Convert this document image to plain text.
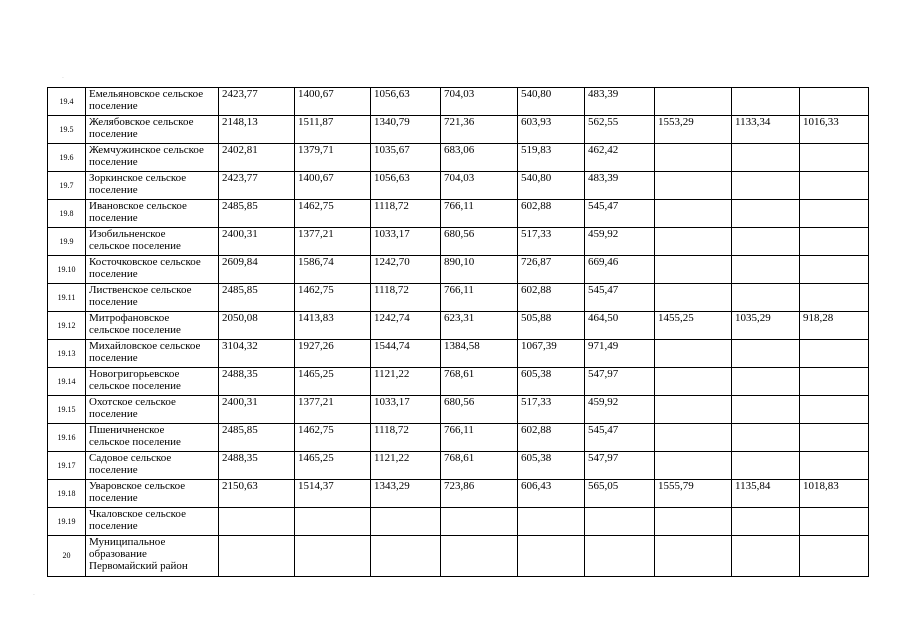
·
·
19.4	Емельяновское сельское
поселение	2423,77	1400,67	1056,63	704,03	540,80	483,39			
19.5	Желябовское сельское
поселение	2148,13	1511,87	1340,79	721,36	603,93	562,55	1553,29	1133,34	1016,33
19.6	Жемчужинское сельское
поселение	2402,81	1379,71	1035,67	683,06	519,83	462,42			
19.7	Зоркинское сельское
поселение	2423,77	1400,67	1056,63	704,03	540,80	483,39			
19.8	Ивановское сельское
поселение	2485,85	1462,75	1118,72	766,11	602,88	545,47			
19.9	Изобильненское
сельское поселение	2400,31	1377,21	1033,17	680,56	517,33	459,92			
19.10	Косточковское сельское
поселение	2609,84	1586,74	1242,70	890,10	726,87	669,46			
19.11	Лиственское сельское
поселение	2485,85	1462,75	1118,72	766,11	602,88	545,47			
19.12	Митрофановское
сельское поселение	2050,08	1413,83	1242,74	623,31	505,88	464,50	1455,25	1035,29	918,28
19.13	Михайловское сельское
поселение	3104,32	1927,26	1544,74	1384,58	1067,39	971,49			
19.14	Новогригорьевское
сельское поселение	2488,35	1465,25	1121,22	768,61	605,38	547,97			
19.15	Охотское сельское
поселение	2400,31	1377,21	1033,17	680,56	517,33	459,92			
19.16	Пшеничненское
сельское поселение	2485,85	1462,75	1118,72	766,11	602,88	545,47			
19.17	Садовое сельское
поселение	2488,35	1465,25	1121,22	768,61	605,38	547,97			
19.18	Уваровское сельское
поселение	2150,63	1514,37	1343,29	723,86	606,43	565,05	1555,79	1135,84	1018,83
19.19	Чкаловское сельское
поселение									

20	Муниципальное
образование
Первомайский район									
